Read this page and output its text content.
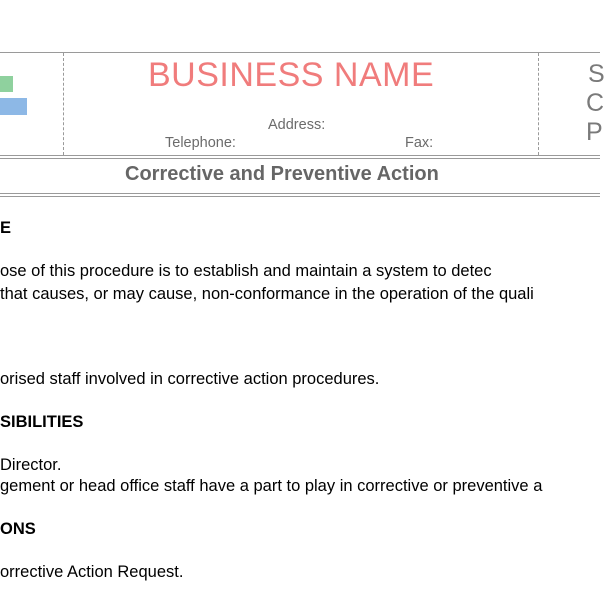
BUSINESS NAME
Address:
Telephone:	Fax:
S
C
P
Corrective and Preventive Action
E
ose of this procedure is to establish and maintain a system to detec
that causes, or may cause, non-conformance in the operation of the quali
orised staff involved in corrective action procedures.
SIBILITIES
Director.
gement or head office staff have a part to play in corrective or preventive a
ONS
orrective Action Request.
